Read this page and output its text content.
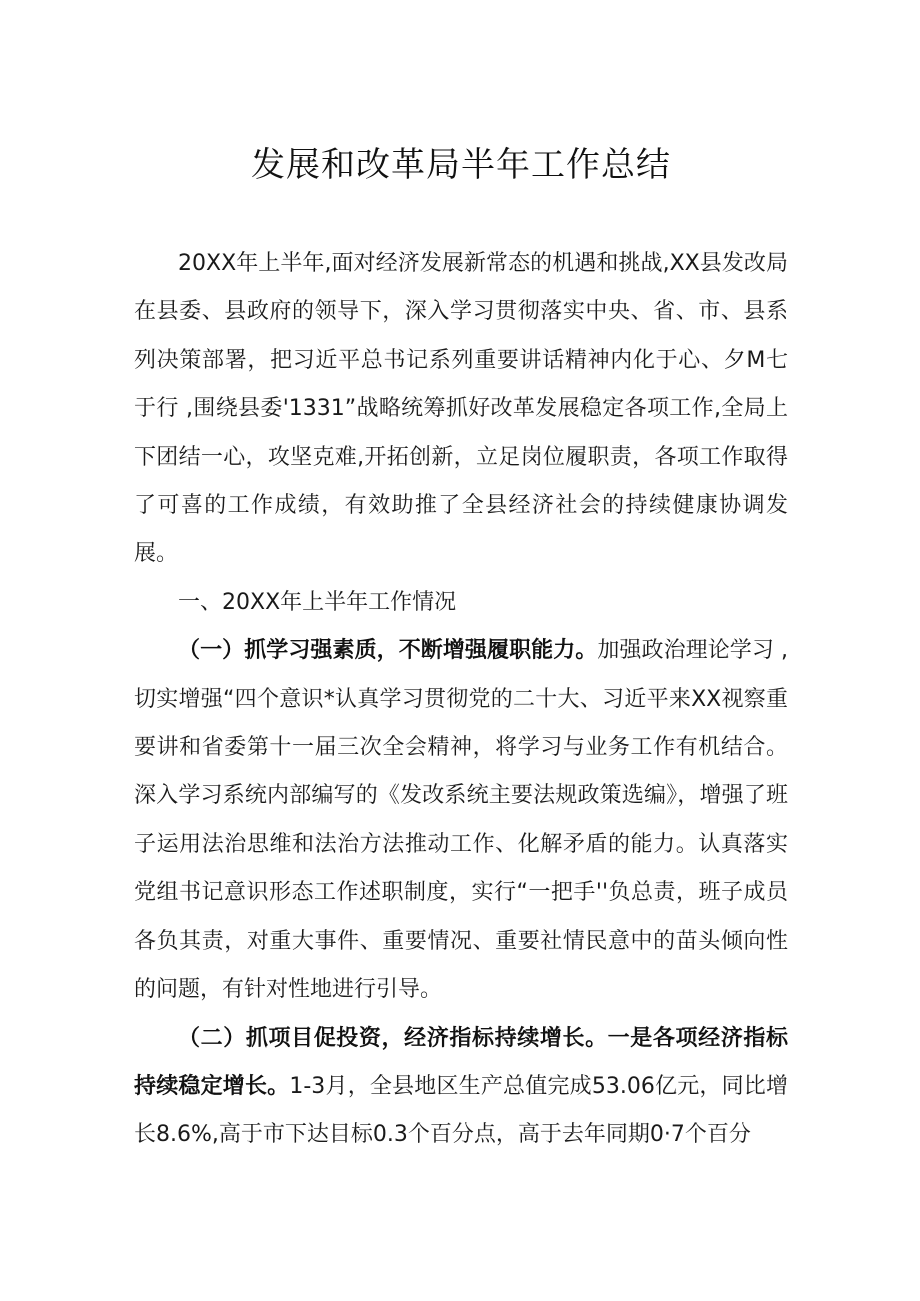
发展和改革局半年工作总结

20XX年上半年,面对经济发展新常态的机遇和挑战,XX县发改局在县委、县政府的领导下，深入学习贯彻落实中央、省、市、县系列决策部署，把习近平总书记系列重要讲话精神内化于心、夕M七于行 ,围绕县委'1331”战略统筹抓好改革发展稳定各项工作,全局上下团结一心，攻坚克难,开拓创新，立足岗位履职责，各项工作取得了可喜的工作成绩，有效助推了全县经济社会的持续健康协调发展。

一、20XX年上半年工作情况

（一）抓学习强素质，不断增强履职能力。加强政治理论学习 ,切实增强“四个意识*认真学习贯彻党的二十大、习近平来XX视察重要讲和省委第十一届三次全会精神，将学习与业务工作有机结合。深入学习系统内部编写的《发改系统主要法规政策选编》，增强了班子运用法治思维和法治方法推动工作、化解矛盾的能力。认真落实党组书记意识形态工作述职制度，实行“一把手''负总责，班子成员各负其责，对重大事件、重要情况、重要社情民意中的苗头倾向性的问题，有针对性地进行引导。

（二）抓项目促投资，经济指标持续增长。一是各项经济指标持续稳定增长。1-3月，全县地区生产总值完成53.06亿元，同比增长8.6%,高于市下达目标0.3个百分点，高于去年同期0·7个百分
